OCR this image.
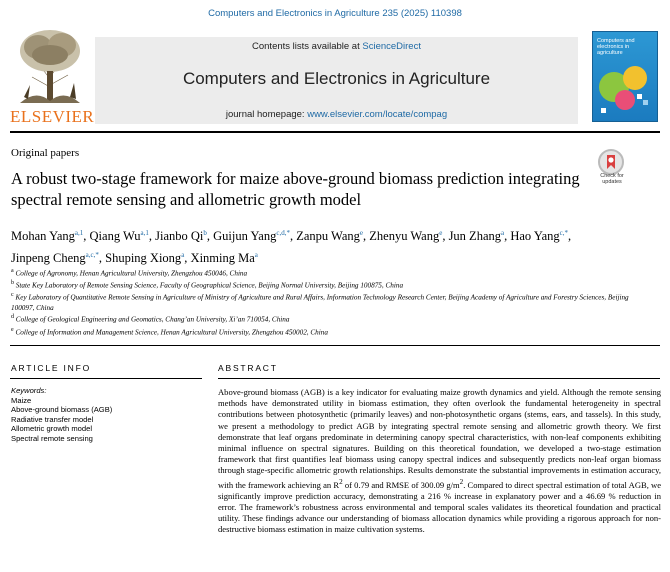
Computers and Electronics in Agriculture 235 (2025) 110398
ELSEVIER
Contents lists available at ScienceDirect
Computers and Electronics in Agriculture
journal homepage: www.elsevier.com/locate/compag
Computers and electronics in agriculture
Original papers
A robust two-stage framework for maize above-ground biomass prediction integrating spectral remote sensing and allometric growth model
Check for updates
Mohan Yang$^{a,1}$, Qiang Wu$^{a,1}$, Jianbo Qi$^b$, Guijun Yang$^{c,d,*}$, Zanpu Wang$^e$, Zhenyu Wang$^e$, Jun Zhang$^a$, Hao Yang$^{c,*}$, Jinpeng Cheng$^{a,c,*}$, Shuping Xiong$^a$, Xinming Ma$^a$
$^a$ College of Agronomy, Henan Agricultural University, Zhengzhou 450046, China
$^b$ State Key Laboratory of Remote Sensing Science, Faculty of Geographical Science, Beijing Normal University, Beijing 100875, China
$^c$ Key Laboratory of Quantitative Remote Sensing in Agriculture of Ministry of Agriculture and Rural Affairs, Information Technology Research Center, Beijing Academy of Agriculture and Forestry Sciences, Beijing 100097, China
$^d$ College of Geological Engineering and Geomatics, Chang’an University, Xi’an 710054, China
$^e$ College of Information and Management Science, Henan Agricultural University, Zhengzhou 450002, China
ARTICLE INFO	ABSTRACT
Keywords:
Maize
Above-ground biomass (AGB)
Radiative transfer model
Allometric growth model
Spectral remote sensing
Above-ground biomass (AGB) is a key indicator for evaluating maize growth dynamics and yield. Although the remote sensing methods have demonstrated utility in biomass estimation, they often overlook the fundamental heterogeneity in spectral contributions between photosynthetic (primarily leaves) and non-photosynthetic organs (stems, ears, and tassels). In this study, we present a methodology to predict AGB by integrating spectral remote sensing and allometric growth theory. We first demonstrate that leaf organs predominate in determining canopy spectral characteristics, with non-leaf components exhibiting minimal influence on spectral signatures. Building on this theoretical foundation, we developed a two-stage estimation framework that first quantifies leaf biomass using canopy spectral indices and subsequently predicts non-leaf organ biomass through stage-specific allometric growth relationships. Results demonstrate the substantial improvements in estimation accuracy, with the framework achieving an $R^2$ of 0.79 and RMSE of 300.09 $g/m^2$. Compared to direct spectral estimation of total AGB, we significantly improve prediction accuracy, demonstrating a 216 % increase in explanatory power and a 46.69 % reduction in error. The framework’s robustness across environmental and temporal scales validates its theoretical foundation and practical utility. These findings advance our understanding of biomass allocation dynamics while providing a rigorous approach for non-destructive biomass estimation in maize cultivation systems.
